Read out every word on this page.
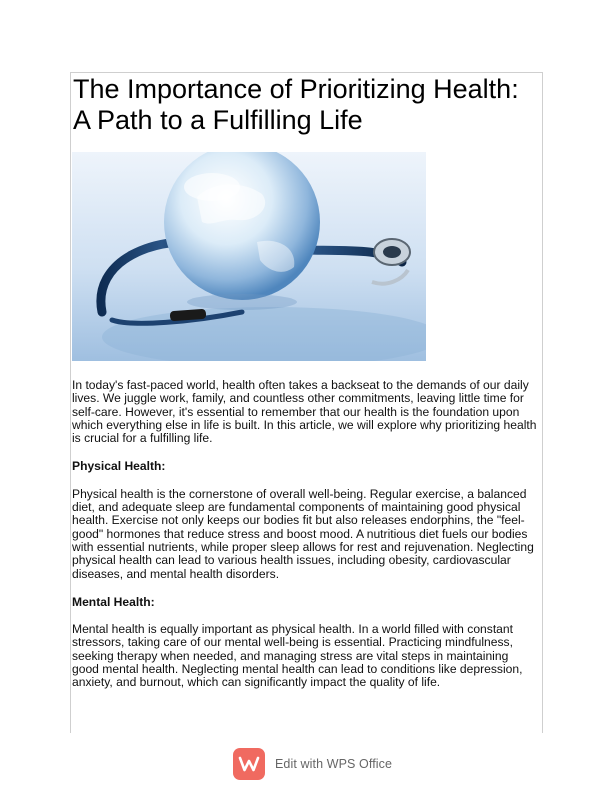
The Importance of Prioritizing Health: A Path to a Fulfilling Life

In today's fast-paced world, health often takes a backseat to the demands of our daily lives. We juggle work, family, and countless other commitments, leaving little time for self-care. However, it's essential to remember that our health is the foundation upon which everything else in life is built. In this article, we will explore why prioritizing health is crucial for a fulfilling life.

Physical Health:

Physical health is the cornerstone of overall well-being. Regular exercise, a balanced diet, and adequate sleep are fundamental components of maintaining good physical health. Exercise not only keeps our bodies fit but also releases endorphins, the "feel-good" hormones that reduce stress and boost mood. A nutritious diet fuels our bodies with essential nutrients, while proper sleep allows for rest and rejuvenation. Neglecting physical health can lead to various health issues, including obesity, cardiovascular diseases, and mental health disorders.

Mental Health:

Mental health is equally important as physical health. In a world filled with constant stressors, taking care of our mental well-being is essential. Practicing mindfulness, seeking therapy when needed, and managing stress are vital steps in maintaining good mental health. Neglecting mental health can lead to conditions like depression, anxiety, and burnout, which can significantly impact the quality of life.

Edit with WPS Office
